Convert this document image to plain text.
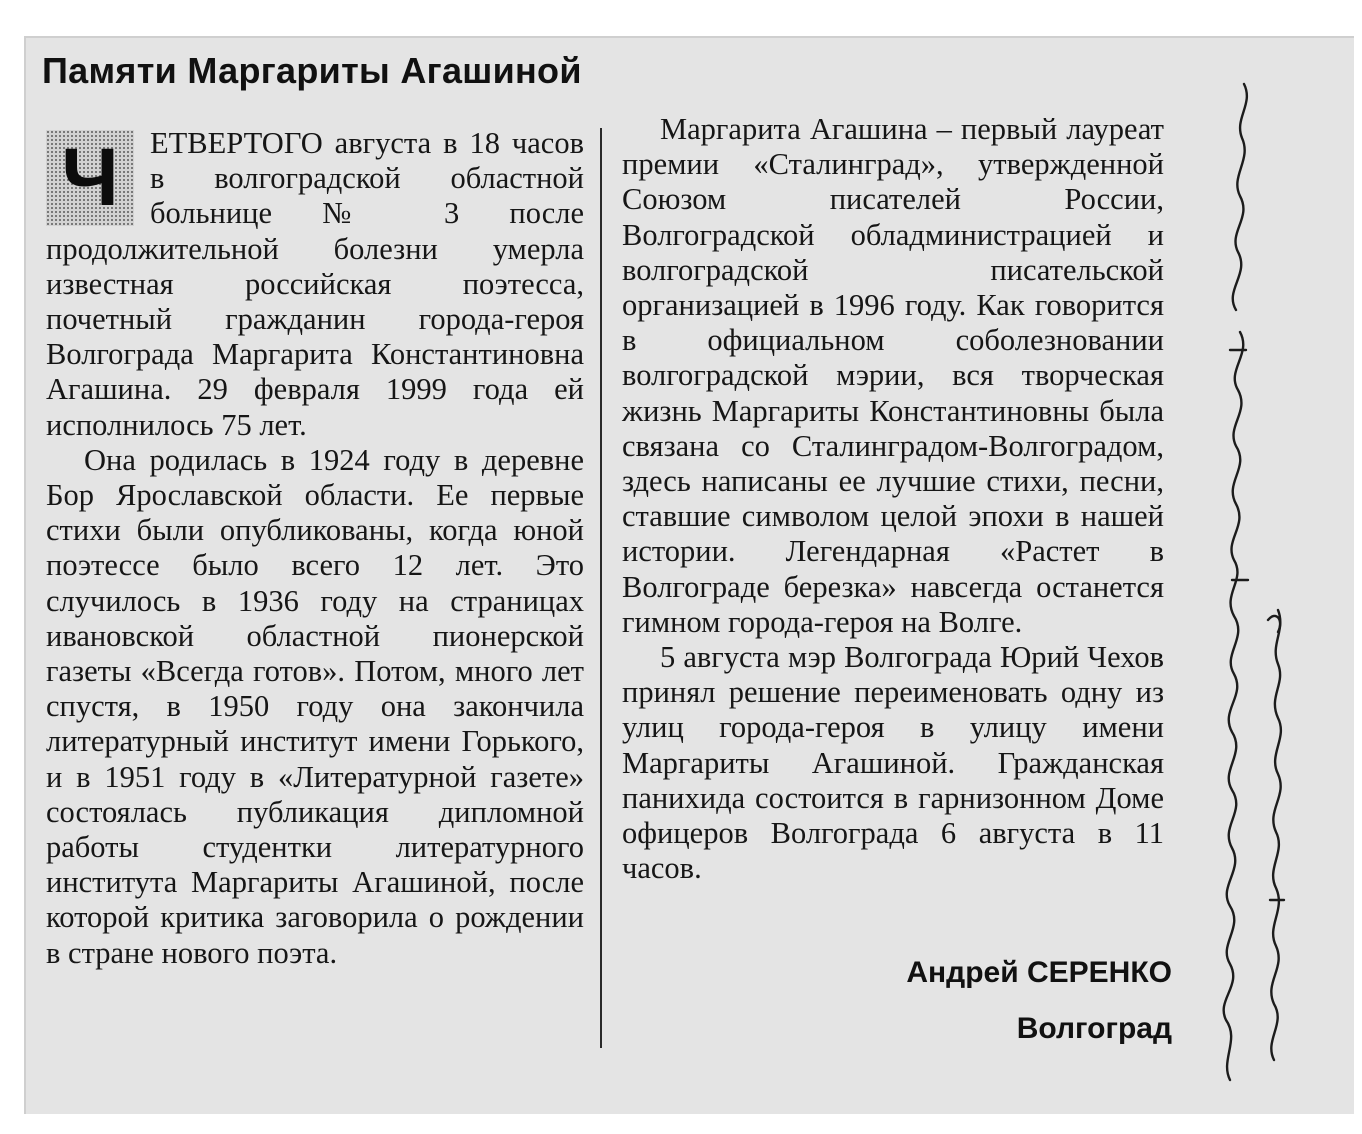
Памяти Маргариты Агашиной

Ч	ЕТВЕРТОГО августа в 18 часов в волгоградской областной больнице № 3 после продолжительной болезни умерла известная российская поэтесса, почетный гражданин города-героя Волгограда Маргарита Константиновна Агашина. 29 февраля 1999 года ей исполнилось 75 лет.

Она родилась в 1924 году в деревне Бор Ярославской области. Ее первые стихи были опубликованы, когда юной поэтессе было всего 12 лет. Это случилось в 1936 году на страницах ивановской областной пионерской газеты «Всегда готов». Потом, много лет спустя, в 1950 году она закончила литературный институт имени Горького, и в 1951 году в «Литературной газете» состоялась публикация дипломной работы студентки литературного института Маргариты Агашиной, после которой критика заговорила о рождении в стране нового поэта.

Маргарита Агашина – первый лауреат премии «Сталинград», утвержденной Союзом писателей России, Волгоградской обладминистрацией и волгоградской писательской организацией в 1996 году. Как говорится в официальном соболезновании волгоградской мэрии, вся творческая жизнь Маргариты Константиновны была связана со Сталинградом-Волгоградом, здесь написаны ее лучшие стихи, песни, ставшие символом целой эпохи в нашей истории. Легендарная «Растет в Волгограде березка» навсегда останется гимном города-героя на Волге.

5 августа мэр Волгограда Юрий Чехов принял решение переименовать одну из улиц города-героя в улицу имени Маргариты Агашиной. Гражданская панихида состоится в гарнизонном Доме офицеров Волгограда 6 августа в 11 часов.

Андрей СЕРЕНКО
Волгоград Независимая газета – 1999 – 7 авг. – с. 8
